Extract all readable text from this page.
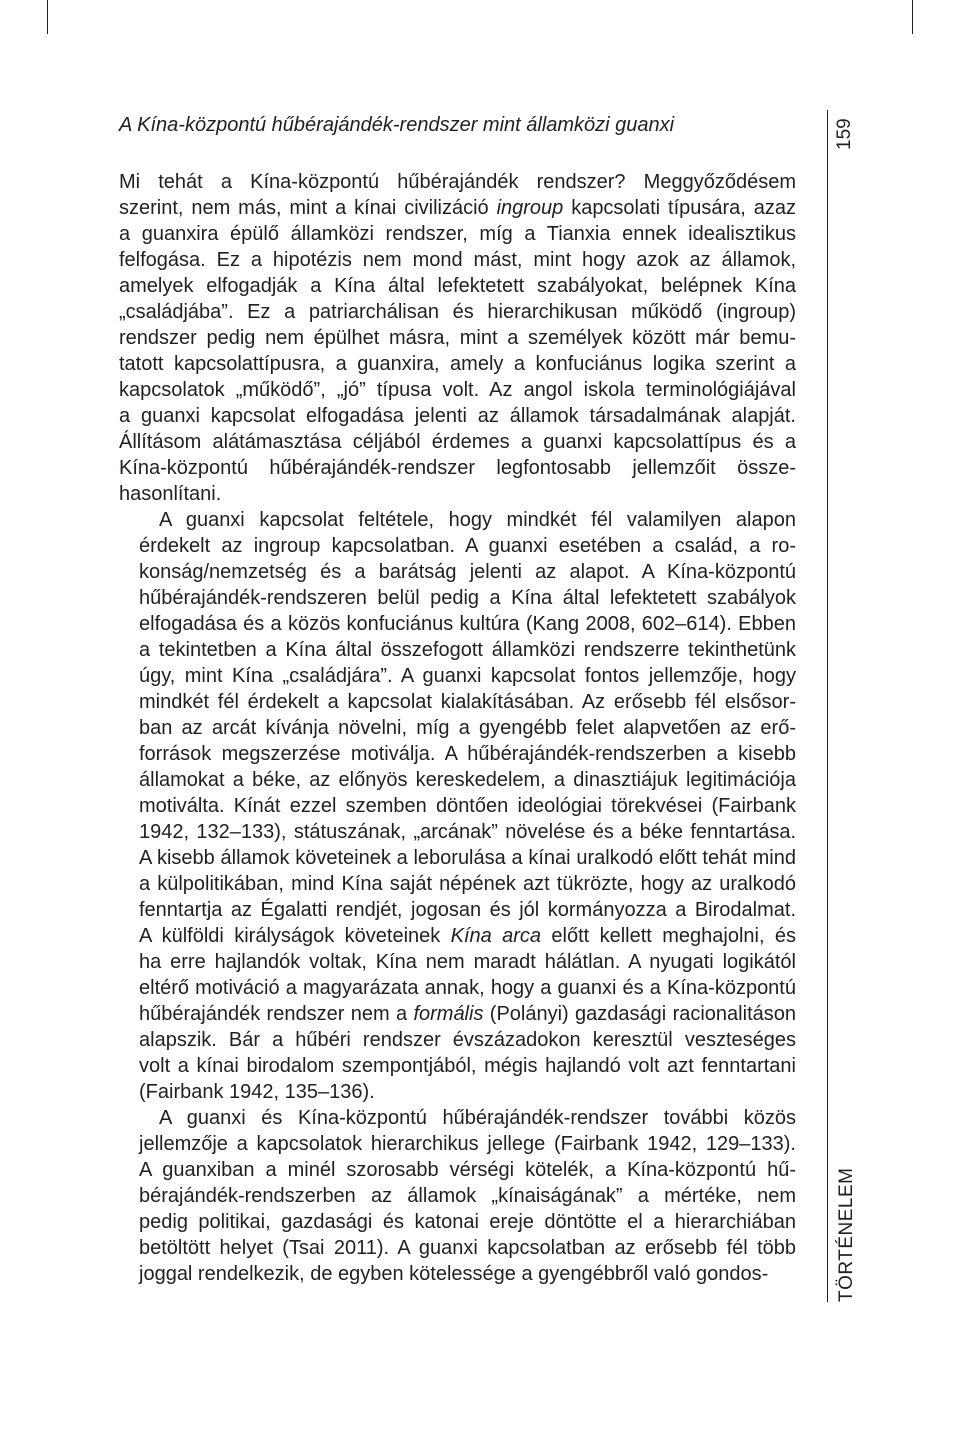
159
TÖRTÉNELEM

A Kína-központú hűbérajándék-rendszer mint államközi guanxi

Mi tehát a Kína-központú hűbérajándék rendszer? Meggyőződésem
szerint, nem más, mint a kínai civilizáció ingroup kapcsolati típusára, azaz
a guanxira épülő államközi rendszer, míg a Tianxia ennek idealisztikus
felfogása. Ez a hipotézis nem mond mást, mint hogy azok az államok,
amelyek elfogadják a Kína által lefektetett szabályokat, belépnek Kína
„családjába”. Ez a patriarchálisan és hierarchikusan működő (ingroup)
rendszer pedig nem épülhet másra, mint a személyek között már bemu-
tatott kapcsolattípusra, a guanxira, amely a konfuciánus logika szerint a
kapcsolatok „működő”, „jó” típusa volt. Az angol iskola terminológiájával
a guanxi kapcsolat elfogadása jelenti az államok társadalmának alapját.
Állításom alátámasztása céljából érdemes a guanxi kapcsolattípus és a
Kína-központú hűbérajándék-rendszer legfontosabb jellemzőit össze-
hasonlítani.
A guanxi kapcsolat feltétele, hogy mindkét fél valamilyen alapon
érdekelt az ingroup kapcsolatban. A guanxi esetében a család, a ro-
konság/nemzetség és a barátság jelenti az alapot. A Kína-központú
hűbérajándék-rendszeren belül pedig a Kína által lefektetett szabályok
elfogadása és a közös konfuciánus kultúra (Kang 2008, 602–614). Ebben
a tekintetben a Kína által összefogott államközi rendszerre tekinthetünk
úgy, mint Kína „családjára”. A guanxi kapcsolat fontos jellemzője, hogy
mindkét fél érdekelt a kapcsolat kialakításában. Az erősebb fél elsősor-
ban az arcát kívánja növelni, míg a gyengébb felet alapvetően az erő-
források megszerzése motiválja. A hűbérajándék-rendszerben a kisebb
államokat a béke, az előnyös kereskedelem, a dinasztiájuk legitimációja
motiválta. Kínát ezzel szemben döntően ideológiai törekvései (Fairbank
1942, 132–133), státuszának, „arcának” növelése és a béke fenntartása.
A kisebb államok követeinek a leborulása a kínai uralkodó előtt tehát mind
a külpolitikában, mind Kína saját népének azt tükrözte, hogy az uralkodó
fenntartja az Égalatti rendjét, jogosan és jól kormányozza a Birodalmat.
A külföldi királyságok követeinek Kína arca előtt kellett meghajolni, és
ha erre hajlandók voltak, Kína nem maradt hálátlan. A nyugati logikától
eltérő motiváció a magyarázata annak, hogy a guanxi és a Kína-központú
hűbérajándék rendszer nem a formális (Polányi) gazdasági racionalitáson
alapszik. Bár a hűbéri rendszer évszázadokon keresztül veszteséges
volt a kínai birodalom szempontjából, mégis hajlandó volt azt fenntartani
(Fairbank 1942, 135–136).
A guanxi és Kína-központú hűbérajándék-rendszer további közös
jellemzője a kapcsolatok hierarchikus jellege (Fairbank 1942, 129–133).
A guanxiban a minél szorosabb vérségi kötelék, a Kína-központú hű-
bérajándék-rendszerben az államok „kínaiságának” a mértéke, nem
pedig politikai, gazdasági és katonai ereje döntötte el a hierarchiában
betöltött helyet (Tsai 2011). A guanxi kapcsolatban az erősebb fél több
joggal rendelkezik, de egyben kötelessége a gyengébbről való gondos-
